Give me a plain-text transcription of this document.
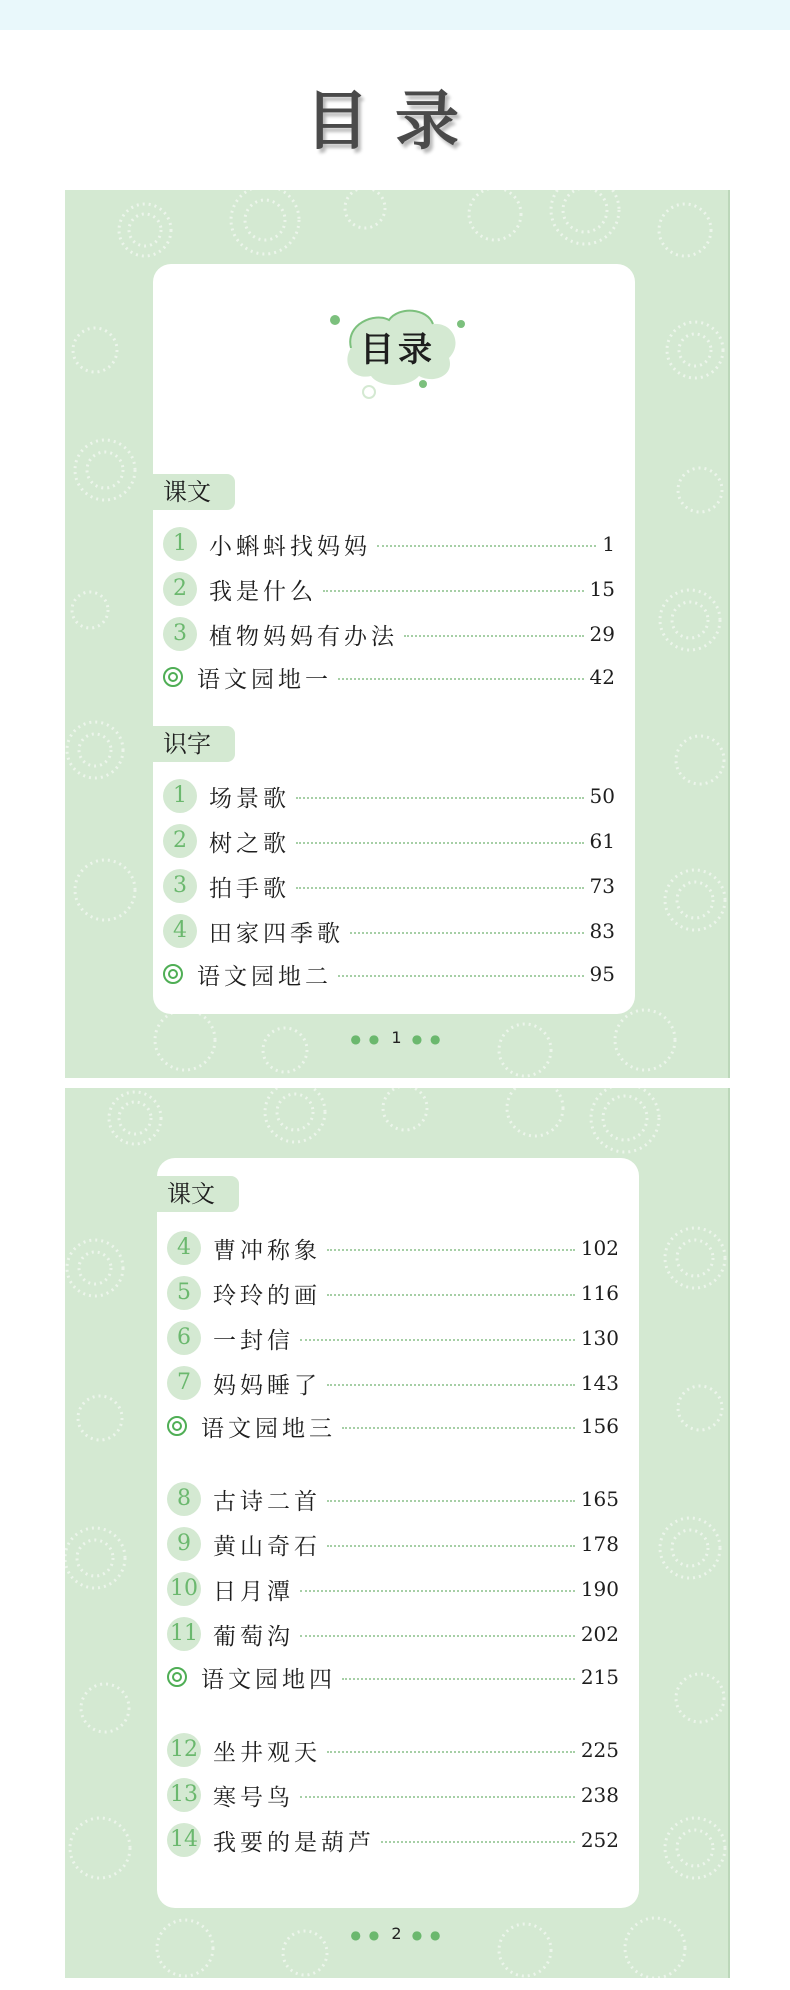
目录
目录
课文
1 小蝌蚪找妈妈	1
2 我是什么	15
3 植物妈妈有办法	29
语文园地一	42
识字
1 场景歌	50
2 树之歌	61
3 拍手歌	73
4 田家四季歌	83
语文园地二	95
● ● 1 ● ●
课文
4 曹冲称象	102
5 玲玲的画	116
6 一封信	130
7 妈妈睡了	143
语文园地三	156
8 古诗二首	165
9 黄山奇石	178
10 日月潭	190
11 葡萄沟	202
语文园地四	215
12 坐井观天	225
13 寒号鸟	238
14 我要的是葫芦	252
● ● 2 ● ●
